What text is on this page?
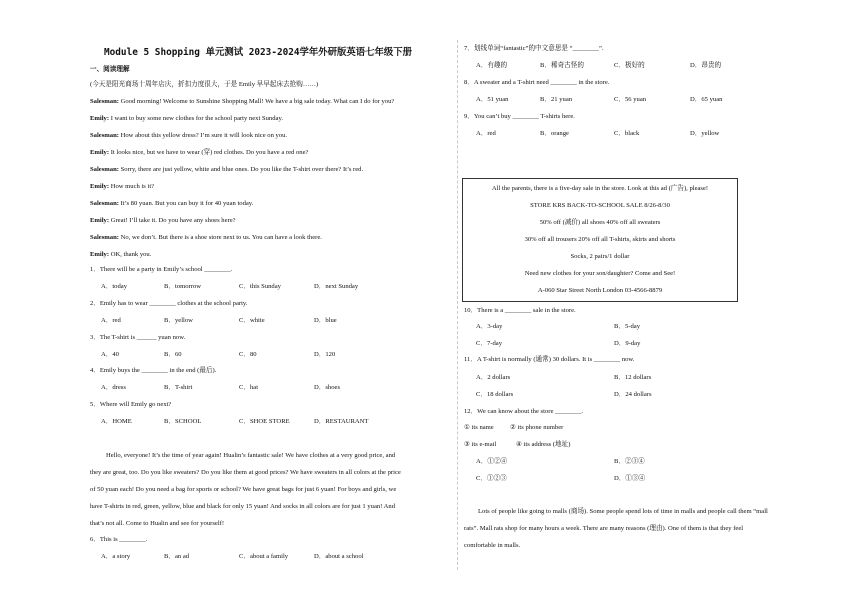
Module 5 Shopping 单元测试 2023-2024学年外研版英语七年级下册
一、阅读理解
(今天是阳光商场十周年店庆，折扣力度很大，于是 Emily 早早起床去抢购……)
Salesman: Good morning! Welcome to Sunshine Shopping Mall! We have a big sale today. What can I do for you?
Emily: I want to buy some new clothes for the school party next Sunday.
Salesman: How about this yellow dress? I’m sure it will look nice on you.
Emily: It looks nice, but we have to wear (穿) red clothes. Do you have a red one?
Salesman: Sorry, there are just yellow, white and blue ones. Do you like the T-shirt over there? It’s red.
Emily: How much is it?
Salesman: It’s 80 yuan. But you can buy it for 40 yuan today.
Emily: Great! I’ll take it. Do you have any shoes here?
Salesman: No, we don’t. But there is a shoe store next to us. You can have a look there.
Emily: OK, thank you.
1．There will be a party in Emily’s school ________.
A．today	B．tomorrow	C．this Sunday	D．next Sunday
2．Emily has to wear ________ clothes at the school party.
A．red	B．yellow	C．white	D．blue
3．The T-shirt is ______ yuan now.
A．40	B．60	C．80	D．120
4．Emily buys the ________ in the end (最后).
A．dress	B．T-shirt	C．hat	D．shoes
5．Where will Emily go next?
A．HOME	B．SCHOOL	C．SHOE STORE	D．RESTAURANT
6．This is ________.
A．a story	B．an ad	C．about a family	D．about a school
Hello, everyone! It’s the time of year again! Hualin’s fantastic sale! We have clothes at a very good price, and
they are great, too. Do you like sweaters? Do you like them at good prices? We have sweaters in all colors at the price
of 50 yuan each! Do you need a bag for sports or school? We have great bags for just 6 yuan! For boys and girls, we
have T-shirts in red, green, yellow, blue and black for only 15 yuan! And socks in all colors are for just 1 yuan! And
that’s not all. Come to Hualin and see for yourself!
7．划线单词“fantastic”的中文意思是 “________”.
A．有趣的	B．稀奇古怪的	C．极好的	D．昂贵的
8．A sweater and a T-shirt need ________ in the store.
A．51 yuan	B．21 yuan	C．56 yuan	D．65 yuan
9．You can’t buy ________ T-shirts here.
A．red	B．orange	C．black	D．yellow
All the parents, there is a five-day sale in the store. Look at this ad (广告), please!
STORE KRS BACK-TO-SCHOOL SALE 8/26-8/30
50% off (减价) all shoes 40% off all sweaters
30% off all trousers 20% off all T-shirts, skirts and shorts
Socks, 2 pairs/1 dollar
Need new clothes for your son/daughter? Come and See!
A-060 Star Street North London 03-4566-8879
10．There is a ________ sale in the store.
A．3-day	B．5-day
C．7-day	D．9-day
11．A T-shirt is normally (通常) 30 dollars. It is ________ now.
A．2 dollars	B．12 dollars
C．18 dollars	D．24 dollars
12．We can know about the store ________.
A．①②④	B．②③④
C．①②③	D．①③④
① its name ② its phone number
③ its e-mail	④ its address (地址)
Lots of people like going to malls (商场). Some people spend lots of time in malls and people call them “mall
rats”. Mall rats shop for many hours a week. There are many reasons (理由). One of them is that they feel
comfortable in malls.
